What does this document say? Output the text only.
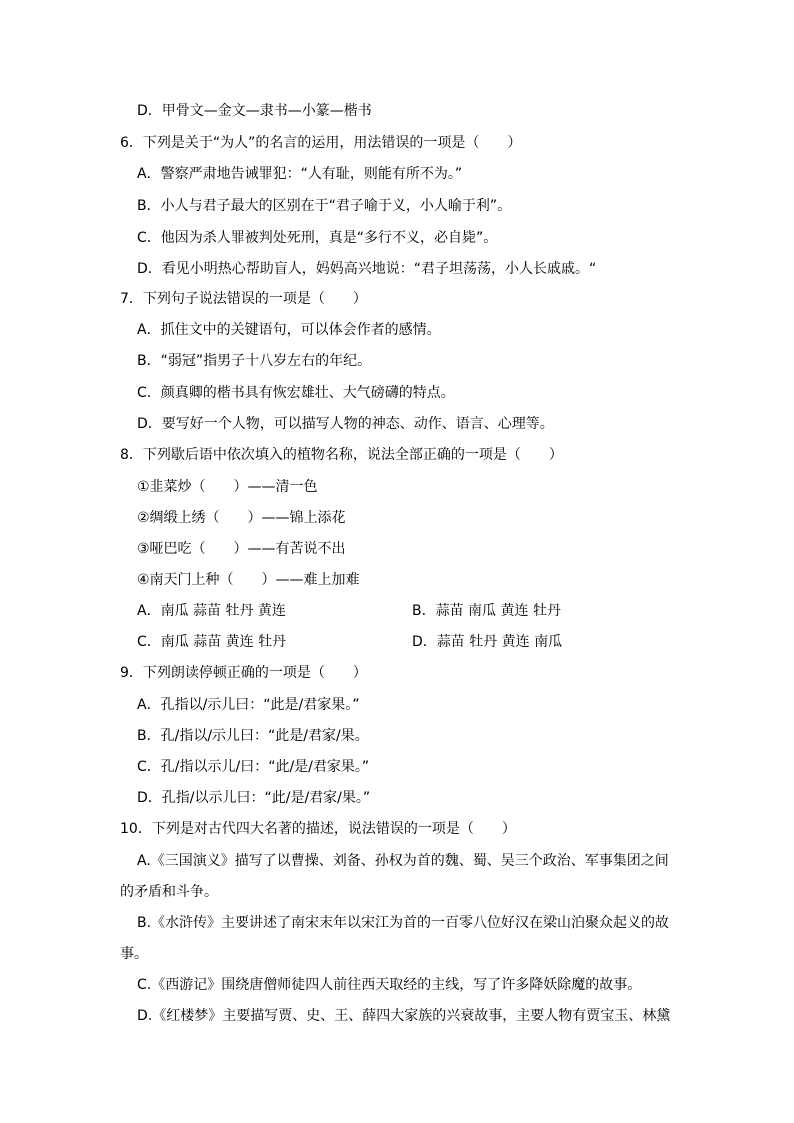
D．甲骨文—金文—隶书—小篆—楷书
6．下列是关于“为人”的名言的运用，用法错误的一项是（　　）
A．警察严肃地告诫罪犯：“人有耻，则能有所不为。”
B．小人与君子最大的区别在于“君子喻于义，小人喻于利”。
C．他因为杀人罪被判处死刑，真是“多行不义，必自毙”。
D．看见小明热心帮助盲人，妈妈高兴地说：“君子坦荡荡，小人长戚戚。“
7．下列句子说法错误的一项是（　　）
A．抓住文中的关键语句，可以体会作者的感情。
B．“弱冠”指男子十八岁左右的年纪。
C．颜真卿的楷书具有恢宏雄壮、大气磅礴的特点。
D．要写好一个人物，可以描写人物的神态、动作、语言、心理等。
8．下列歇后语中依次填入的植物名称，说法全部正确的一项是（　　）
①韭菜炒（　　）——清一色
②绸缎上绣（　　）——锦上添花
③哑巴吃（　　）——有苦说不出
④南天门上种（　　）——难上加难
A．南瓜 蒜苗 牡丹 黄连	B．蒜苗 南瓜 黄连 牡丹
C．南瓜 蒜苗 黄连 牡丹	D．蒜苗 牡丹 黄连 南瓜
9．下列朗读停顿正确的一项是（　　）
A．孔指以/示儿曰：“此是/君家果。”
B．孔/指以/示儿曰：“此是/君家/果。
C．孔/指以示儿/曰：“此/是/君家果。”
D．孔指/以示儿曰：“此/是/君家/果。”
10．下列是对古代四大名著的描述，说法错误的一项是（　　）
A.《三国演义》描写了以曹操、刘备、孙权为首的魏、蜀、吴三个政治、军事集团之间
的矛盾和斗争。
B.《水浒传》主要讲述了南宋末年以宋江为首的一百零八位好汉在梁山泊聚众起义的故
事。
C.《西游记》围绕唐僧师徒四人前往西天取经的主线，写了许多降妖除魔的故事。
D.《红楼梦》主要描写贾、史、王、薛四大家族的兴衰故事，主要人物有贾宝玉、林黛
